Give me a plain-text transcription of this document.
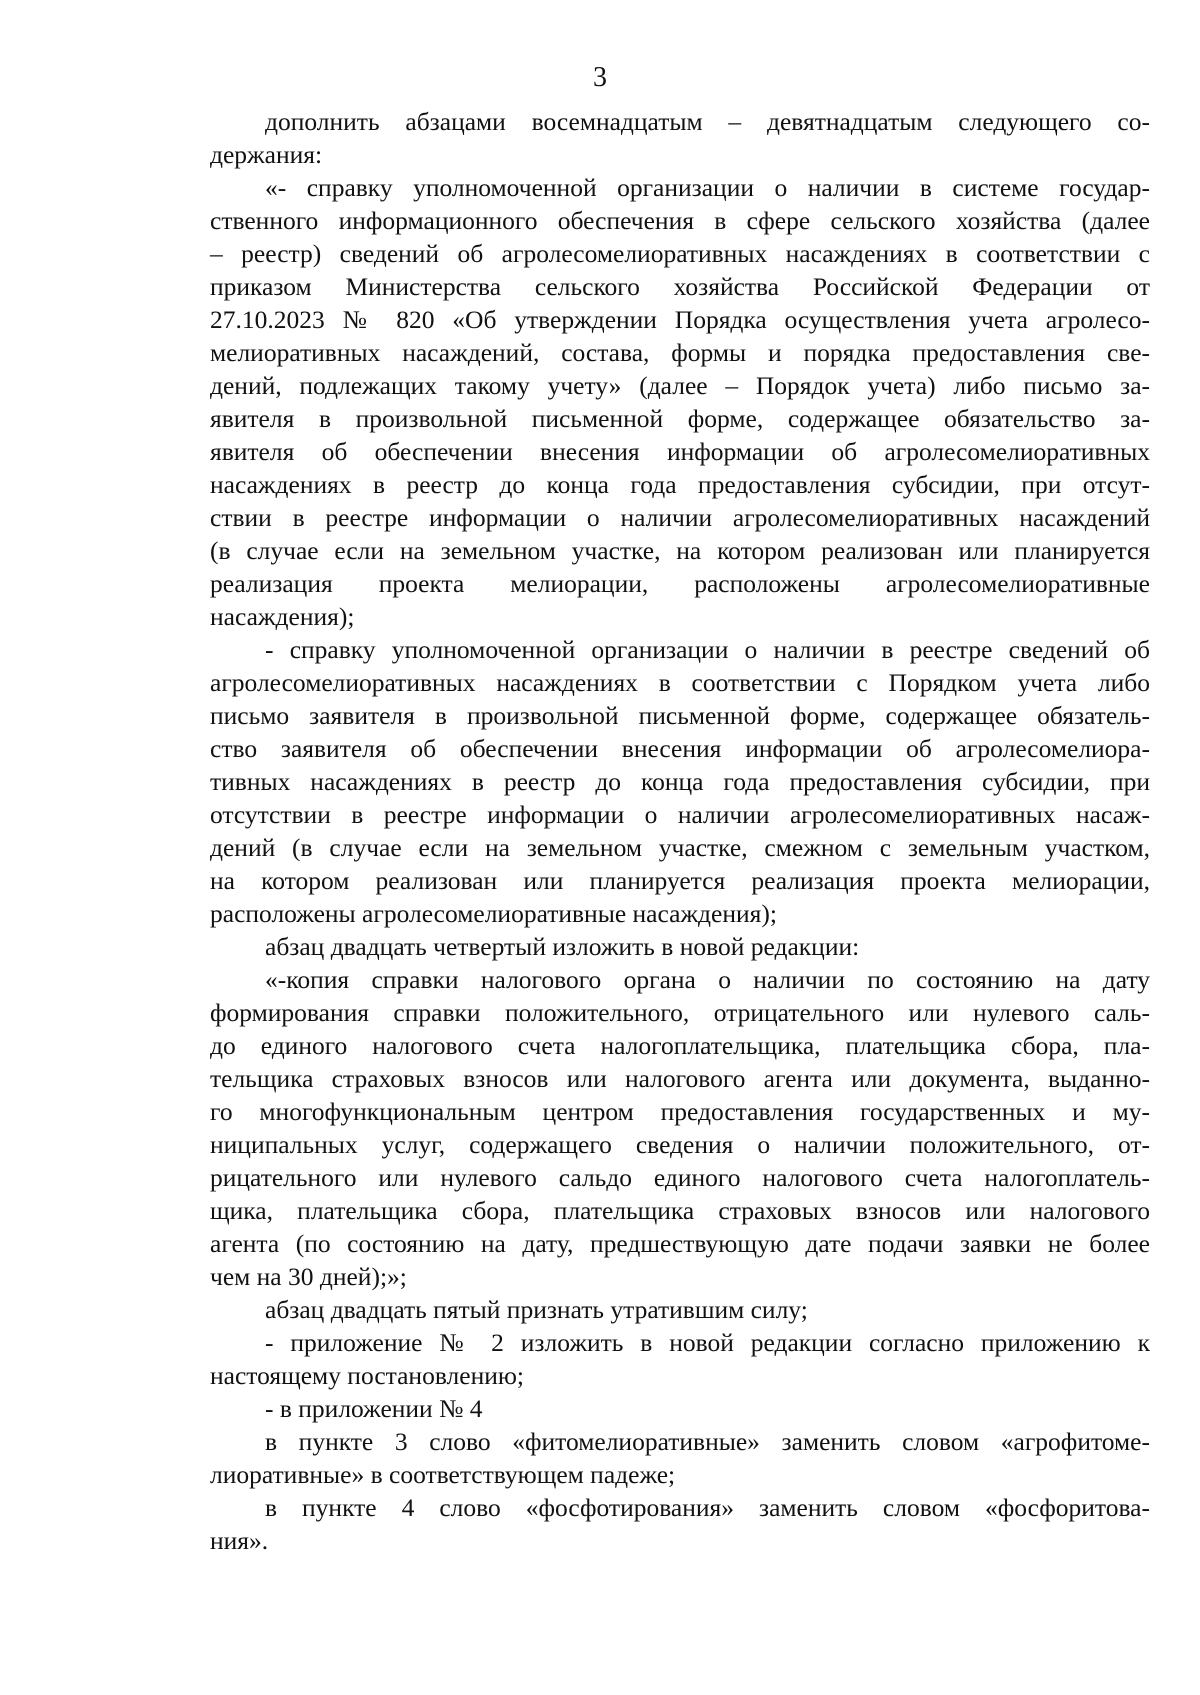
3
дополнить абзацами восемнадцатым – девятнадцатым следующего со-
держания:
«- справку уполномоченной организации о наличии в системе государ-
ственного информационного обеспечения в сфере сельского хозяйства (далее
– реестр) сведений об агролесомелиоративных насаждениях в соответствии с
приказом Министерства сельского хозяйства Российской Федерации от
27.10.2023 № 820 «Об утверждении Порядка осуществления учета агролесо-
мелиоративных насаждений, состава, формы и порядка предоставления све-
дений, подлежащих такому учету» (далее – Порядок учета) либо письмо за-
явителя в произвольной письменной форме, содержащее обязательство за-
явителя об обеспечении внесения информации об агролесомелиоративных
насаждениях в реестр до конца года предоставления субсидии, при отсут-
ствии в реестре информации о наличии агролесомелиоративных насаждений
(в случае если на земельном участке, на котором реализован или планируется
реализация проекта мелиорации, расположены агролесомелиоративные
насаждения);
- справку уполномоченной организации о наличии в реестре сведений об
агролесомелиоративных насаждениях в соответствии с Порядком учета либо
письмо заявителя в произвольной письменной форме, содержащее обязатель-
ство заявителя об обеспечении внесения информации об агролесомелиора-
тивных насаждениях в реестр до конца года предоставления субсидии, при
отсутствии в реестре информации о наличии агролесомелиоративных насаж-
дений (в случае если на земельном участке, смежном с земельным участком,
на котором реализован или планируется реализация проекта мелиорации,
расположены агролесомелиоративные насаждения);
абзац двадцать четвертый изложить в новой редакции:
«-копия справки налогового органа о наличии по состоянию на дату
формирования справки положительного, отрицательного или нулевого саль-
до единого налогового счета налогоплательщика, плательщика сбора, пла-
тельщика страховых взносов или налогового агента или документа, выданно-
го многофункциональным центром предоставления государственных и му-
ниципальных услуг, содержащего сведения о наличии положительного, от-
рицательного или нулевого сальдо единого налогового счета налогоплатель-
щика, плательщика сбора, плательщика страховых взносов или налогового
агента (по состоянию на дату, предшествующую дате подачи заявки не более
чем на 30 дней);»;
абзац двадцать пятый признать утратившим силу;
- приложение № 2 изложить в новой редакции согласно приложению к
настоящему постановлению;
- в приложении № 4
в пункте 3 слово «фитомелиоративные» заменить словом «агрофитоме-
лиоративные» в соответствующем падеже;
в пункте 4 слово «фосфотирования» заменить словом «фосфоритова-
ния».
